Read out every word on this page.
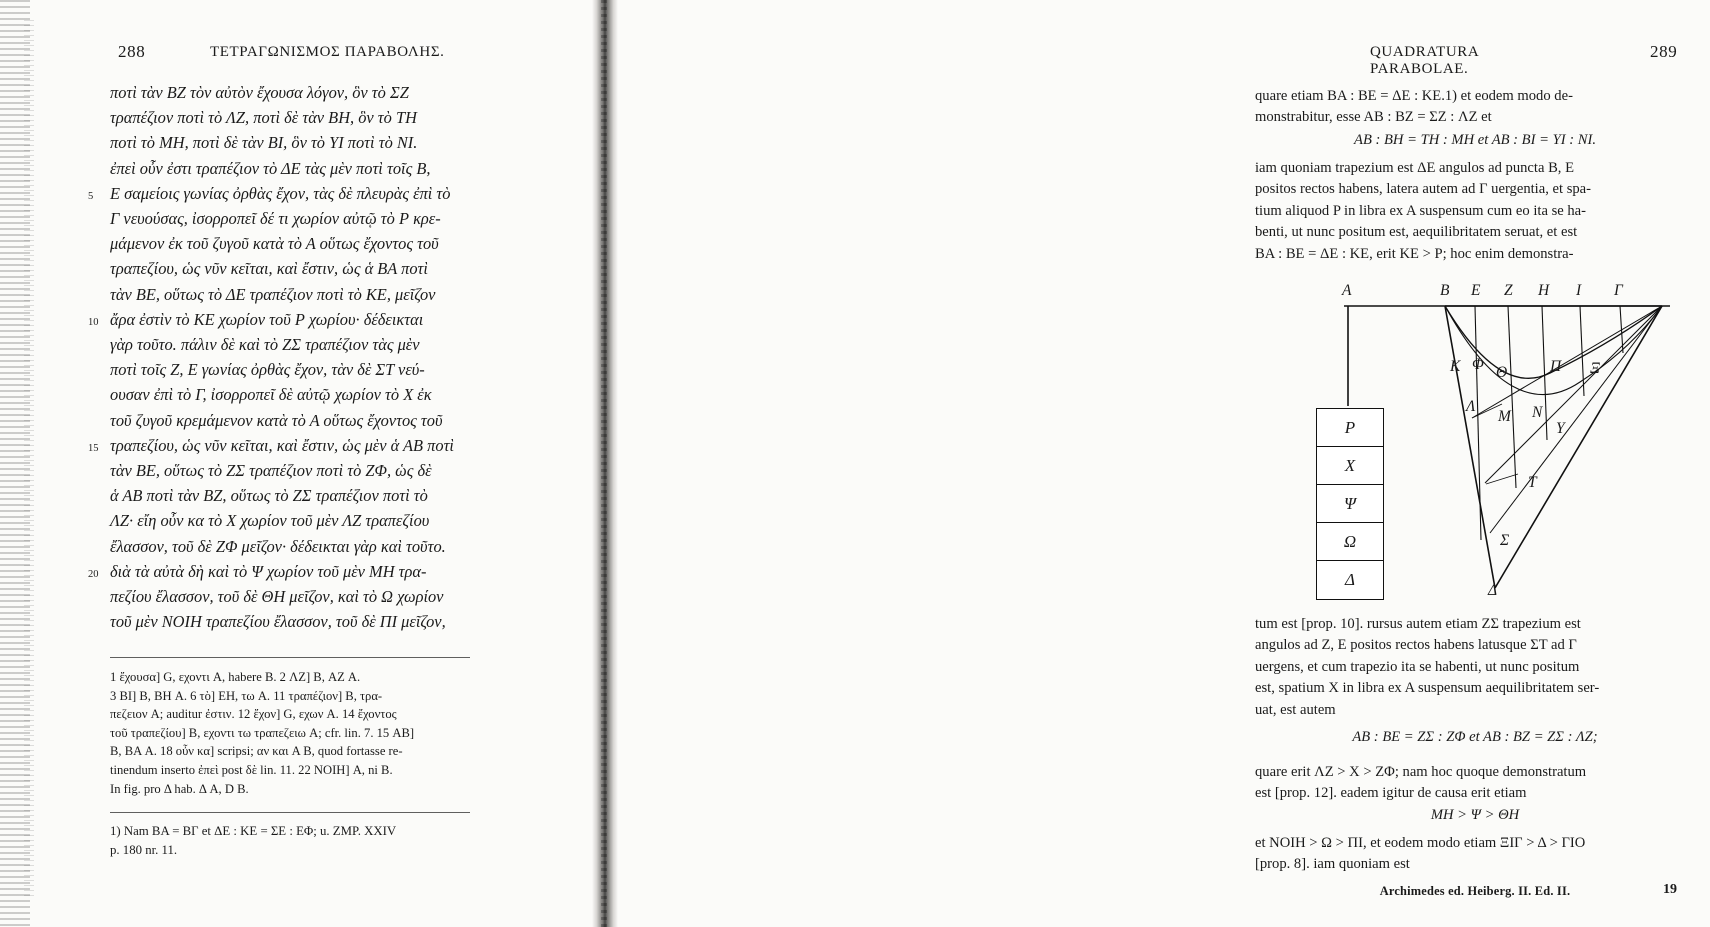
288	ΤΕΤΡΑΓΩΝΙΣΜΟΣ ΠΑΡΑΒΟΛΗΣ.
ποτὶ τὰν BZ τὸν αὐτὸν ἔχουσα λόγον, ὃν τὸ ΣΖ
τραπέζιον ποτὶ τὸ ΛΖ, ποτὶ δὲ τὰν ΒΗ, ὃν τὸ ΤΗ
ποτὶ τὸ ΜΗ, ποτὶ δὲ τὰν ΒΙ, ὃν τὸ ΥΙ ποτὶ τὸ ΝΙ.
ἐπεὶ οὖν ἐστι τραπέζιον τὸ ΔΕ τὰς μὲν ποτὶ τοῖς Β,
5 Ε σαμείοις γωνίας ὀρθὰς ἔχον, τὰς δὲ πλευρὰς ἐπὶ τὸ
Γ νευούσας, ἰσορροπεῖ δέ τι χωρίον αὐτῷ τὸ Ρ κρε-
μάμενον ἐκ τοῦ ζυγοῦ κατὰ τὸ Α οὕτως ἔχοντος τοῦ
τραπεζίου, ὡς νῦν κεῖται, καὶ ἔστιν, ὡς ἁ ΒΑ ποτὶ
τὰν ΒΕ, οὕτως τὸ ΔΕ τραπέζιον ποτὶ τὸ ΚΕ, μεῖζον
10 ἄρα ἐστὶν τὸ ΚΕ χωρίον τοῦ Ρ χωρίου· δέδεικται
γὰρ τοῦτο. πάλιν δὲ καὶ τὸ ΖΣ τραπέζιον τὰς μὲν
ποτὶ τοῖς Ζ, Ε γωνίας ὀρθὰς ἔχον, τὰν δὲ ΣΤ νεύ-
ουσαν ἐπὶ τὸ Γ, ἰσορροπεῖ δὲ αὐτῷ χωρίον τὸ Χ ἐκ
τοῦ ζυγοῦ κρεμάμενον κατὰ τὸ Α οὕτως ἔχοντος τοῦ
15 τραπεζίου, ὡς νῦν κεῖται, καὶ ἔστιν, ὡς μὲν ἁ ΑΒ ποτὶ
τὰν ΒΕ, οὕτως τὸ ΖΣ τραπέζιον ποτὶ τὸ ΖΦ, ὡς δὲ
ἁ ΑΒ ποτὶ τὰν ΒΖ, οὕτως τὸ ΖΣ τραπέζιον ποτὶ τὸ
ΛΖ· εἴη οὖν κα τὸ Χ χωρίον τοῦ μὲν ΛΖ τραπεζίου
ἔλασσον, τοῦ δὲ ΖΦ μεῖζον· δέδεικται γὰρ καὶ τοῦτο.
20 διὰ τὰ αὐτὰ δὴ καὶ τὸ Ψ χωρίον τοῦ μὲν ΜΗ τρα-
πεζίου ἔλασσον, τοῦ δὲ ΘΗ μεῖζον, καὶ τὸ Ω χωρίον
τοῦ μὲν ΝΟΙΗ τραπεζίου ἔλασσον, τοῦ δὲ ΠΙ μεῖζον,
1 ἔχουσα] G, εχοντι A, habere B. 2 ΛΖ] B, ΑΖ A.
3 ΒΙ] B, ΒΗ A. 6 τὸ] ΕΗ, τω A. 11 τραπέζιον] B, τρα-
πεζειον A; auditur ἐστιν. 12 ἔχον] G, εχων A. 14 ἔχοντος
τοῦ τραπεζίου] B, εχοντι τω τραπεζειω A; cfr. lin. 7. 15 ΑΒ]
B, ΒΑ A. 18 οὖν κα] scripsi; αν και A B, quod fortasse re-
tinendum inserto ἐπεὶ post δὲ lin. 11. 22 ΝΟΙΗ] A, ni B.
In fig. pro Δ hab. Δ A, D B.
1) Nam ΒΑ = ΒΓ et ΔΕ : ΚΕ = ΣΕ : ΕΦ; u. ZMP. XXIV
p. 180 nr. 11.
QUADRATURA PARABOLAE.
289
quare etiam BA : BE = ΔE : KE.1) et eodem modo de-
monstrabitur, esse AB : BZ = ΣZ : ΛZ et
AB : BH = TH : MH et AB : BI = ΥI : NI.
iam quoniam trapezium est ΔE angulos ad puncta B, E
positos rectos habens, latera autem ad Γ uergentia, et spa-
tium aliquod P in libra ex A suspensum cum eo ita se ha-
benti, ut nunc positum est, aequilibritatem seruat, et est
BA : BE = ΔE : KE, erit KE > P; hoc enim demonstra-
P
X
Ψ
Ω
Δ
A	B E Z H I Γ
K Φ Θ	Π Ξ
Λ
M N
Υ
T
Σ
Δ
tum est [prop. 10]. rursus autem etiam ΖΣ trapezium est
angulos ad Z, E positos rectos habens latusque ΣT ad Γ
uergens, et cum trapezio ita se habenti, ut nunc positum
est, spatium X in libra ex A suspensum aequilibritatem ser-
uat, est autem
AB : BE = ΖΣ : ΖΦ et AB : BZ = ΖΣ : ΛZ;
quare erit ΛZ > X > ΖΦ; nam hoc quoque demonstratum
est [prop. 12]. eadem igitur de causa erit etiam
MH > Ψ > ΘH
et ΝΟΙΗ > Ω > ΠΙ, et eodem modo etiam ΞΙΓ > Δ > ΓΙΟ
[prop. 8]. iam quoniam est
Archimedes ed. Heiberg. II. Ed. II.	19
